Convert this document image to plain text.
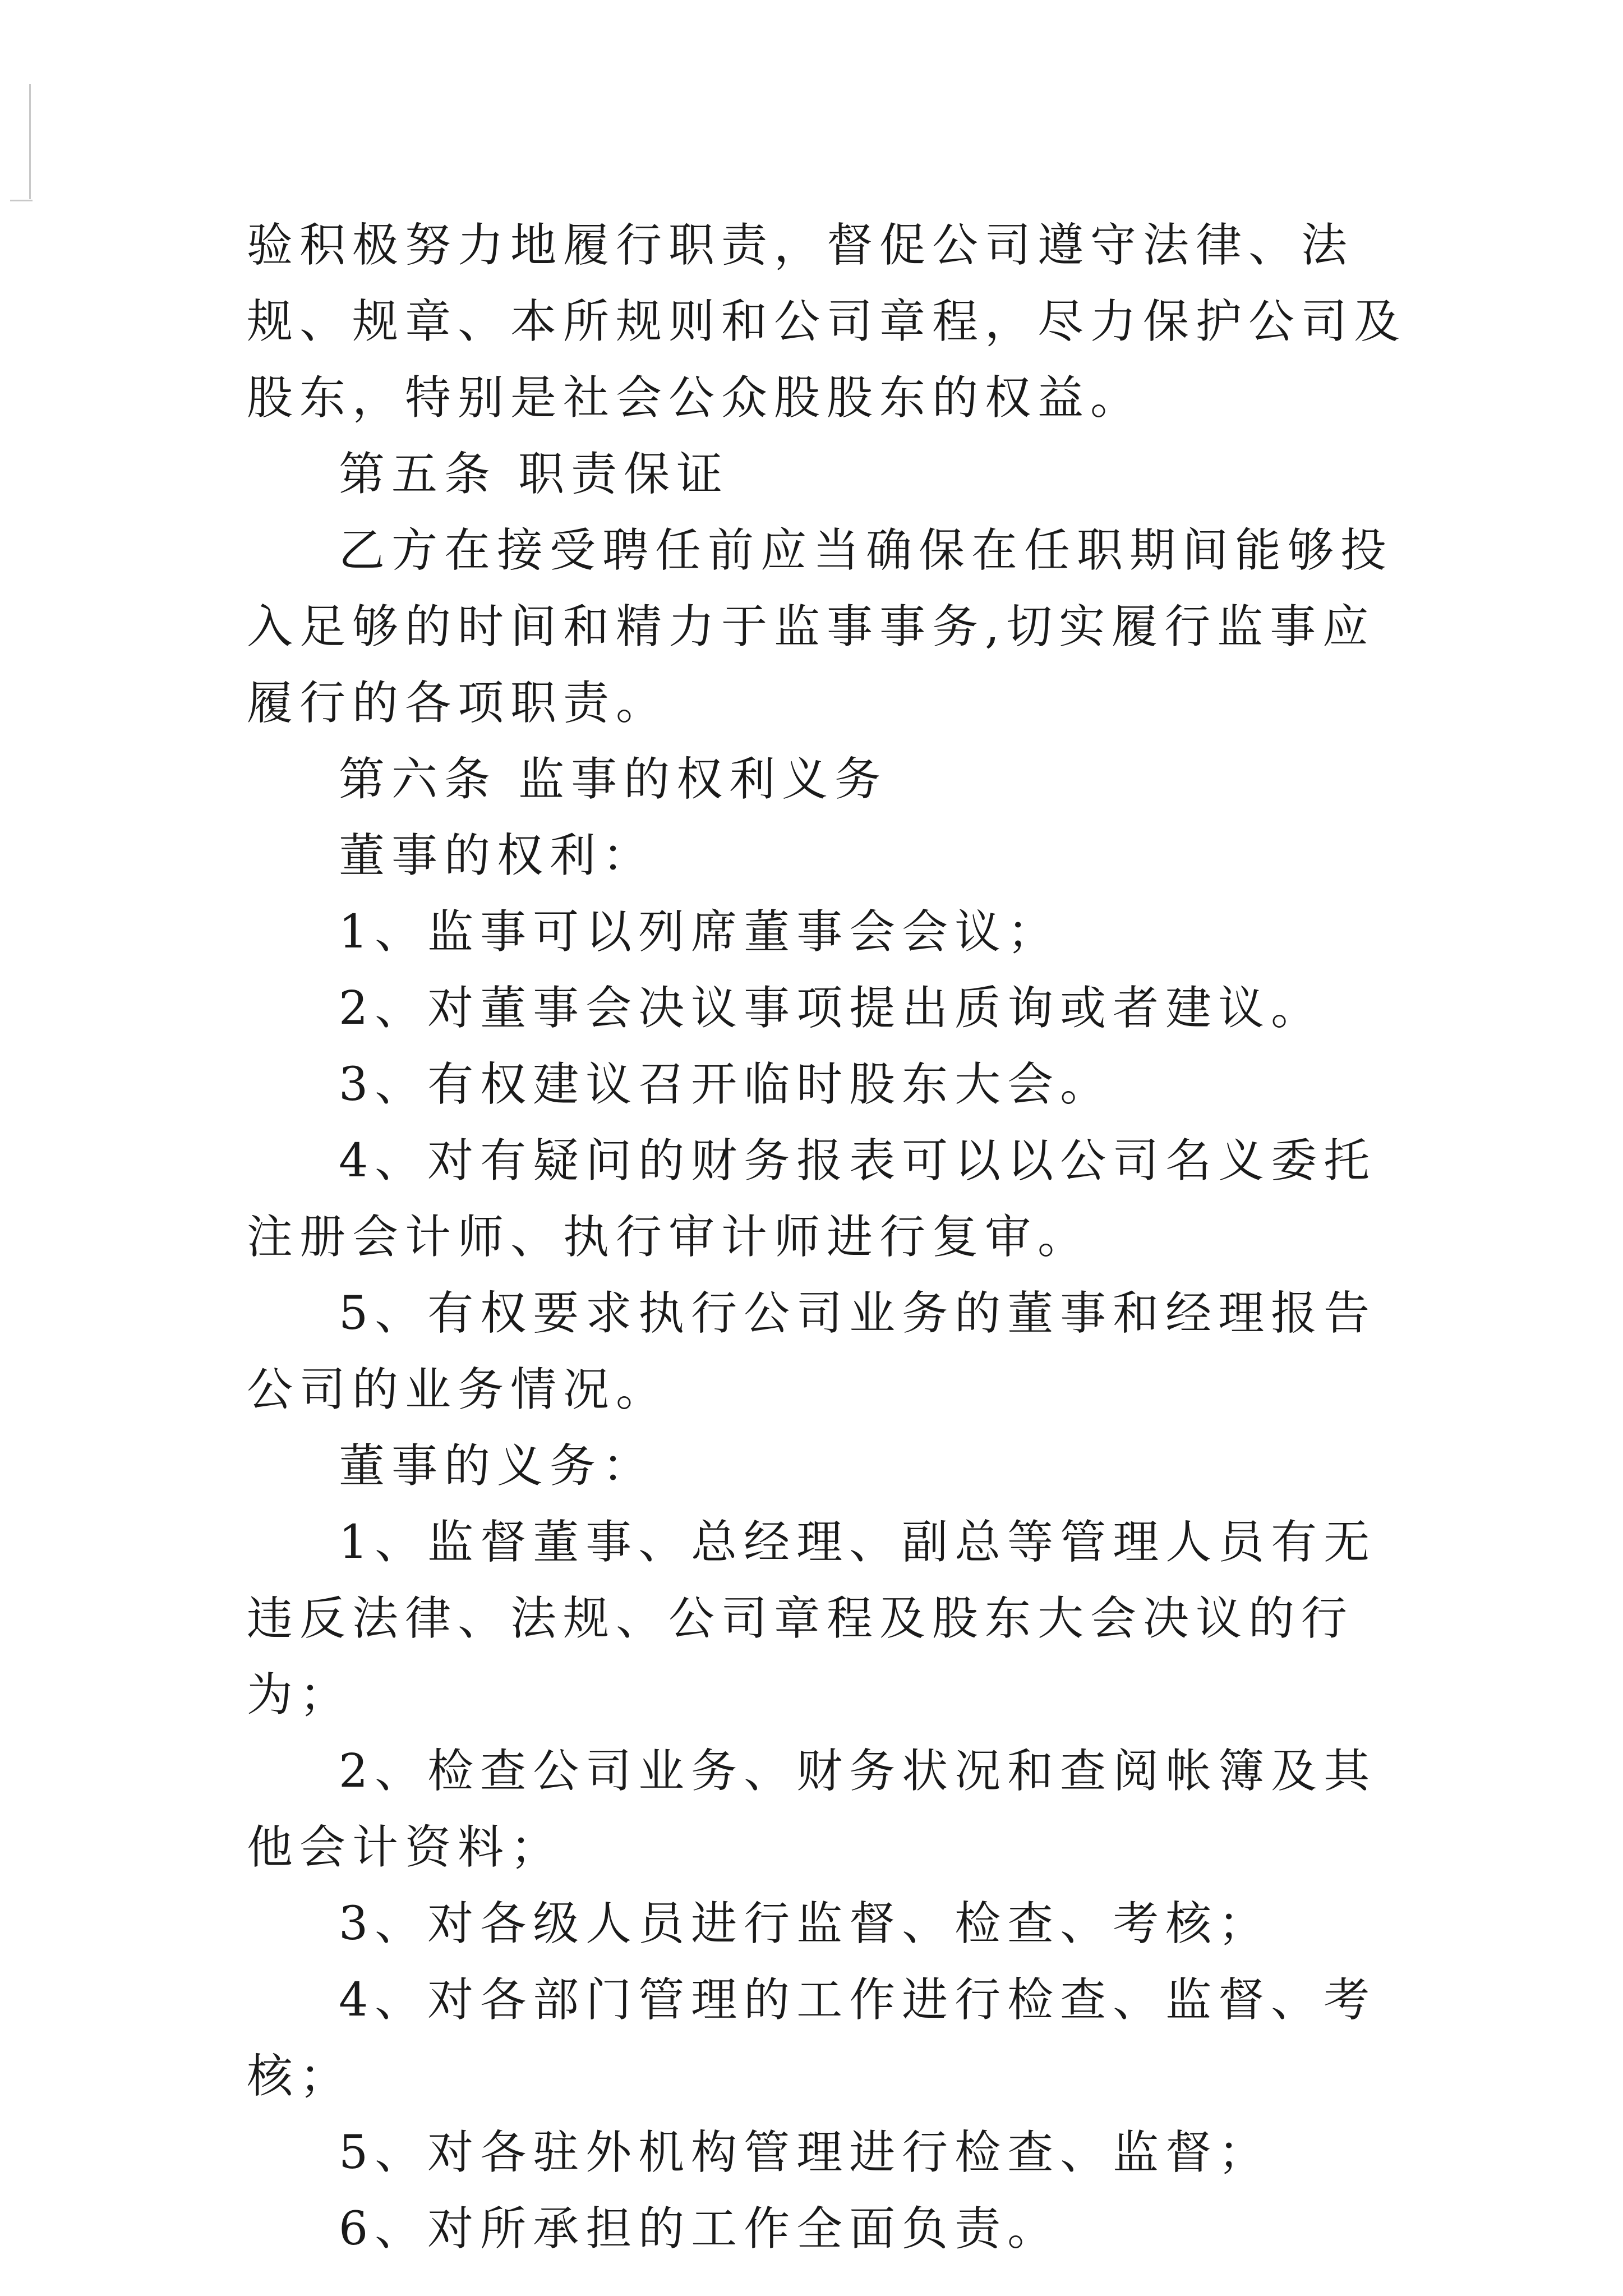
验积极努力地履行职责，督促公司遵守法律、法规、规章、本所规则和公司章程，尽力保护公司及股东，特别是社会公众股股东的权益。

第五条 职责保证

乙方在接受聘任前应当确保在任职期间能够投入足够的时间和精力于监事事务,切实履行监事应履行的各项职责。

第六条 监事的权利义务

董事的权利：

1、监事可以列席董事会会议；

2、对董事会决议事项提出质询或者建议。

3、有权建议召开临时股东大会。

4、对有疑问的财务报表可以以公司名义委托注册会计师、执行审计师进行复审。

5、有权要求执行公司业务的董事和经理报告公司的业务情况。

董事的义务：

1、监督董事、总经理、副总等管理人员有无违反法律、法规、公司章程及股东大会决议的行为；

2、检查公司业务、财务状况和查阅帐簿及其他会计资料；

3、对各级人员进行监督、检查、考核；

4、对各部门管理的工作进行检查、监督、考核；

5、对各驻外机构管理进行检查、监督；

6、对所承担的工作全面负责。
